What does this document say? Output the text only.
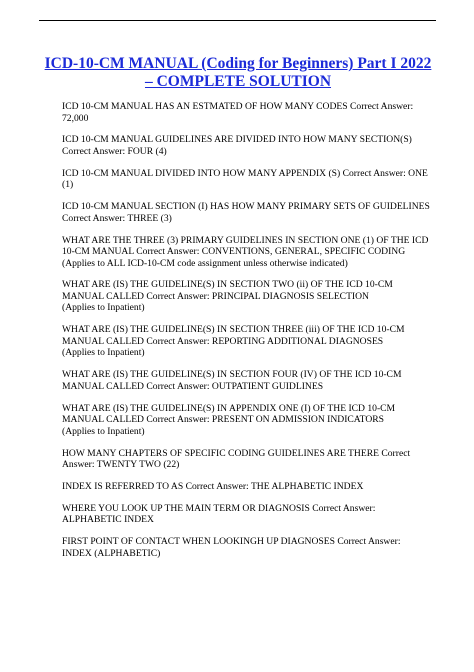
ICD-10-CM MANUAL (Coding for Beginners) Part I 2022 – COMPLETE SOLUTION
ICD 10-CM MANUAL HAS AN ESTMATED OF HOW MANY CODES Correct Answer:
72,000
ICD 10-CM MANUAL GUIDELINES ARE DIVIDED INTO HOW MANY SECTION(S)
Correct Answer: FOUR (4)
ICD 10-CM MANUAL DIVIDED INTO HOW MANY APPENDIX (S) Correct Answer: ONE
(1)
ICD 10-CM MANUAL SECTION (I) HAS HOW MANY PRIMARY SETS OF GUIDELINES
Correct Answer: THREE (3)
WHAT ARE THE THREE (3) PRIMARY GUIDELINES IN SECTION ONE (1) OF THE ICD
10-CM MANUAL Correct Answer: CONVENTIONS, GENERAL, SPECIFIC CODING
(Applies to ALL ICD-10-CM code assignment unless otherwise indicated)
WHAT ARE (IS) THE GUIDELINE(S) IN SECTION TWO (ii) OF THE ICD 10-CM
MANUAL CALLED Correct Answer: PRINCIPAL DIAGNOSIS SELECTION
(Applies to Inpatient)
WHAT ARE (IS) THE GUIDELINE(S) IN SECTION THREE (iii) OF THE ICD 10-CM
MANUAL CALLED Correct Answer: REPORTING ADDITIONAL DIAGNOSES
(Applies to Inpatient)
WHAT ARE (IS) THE GUIDELINE(S) IN SECTION FOUR (IV) OF THE ICD 10-CM
MANUAL CALLED Correct Answer: OUTPATIENT GUIDLINES
WHAT ARE (IS) THE GUIDELINE(S) IN APPENDIX ONE (I) OF THE ICD 10-CM
MANUAL CALLED Correct Answer: PRESENT ON ADMISSION INDICATORS
(Applies to Inpatient)
HOW MANY CHAPTERS OF SPECIFIC CODING GUIDELINES ARE THERE Correct
Answer: TWENTY TWO (22)
INDEX IS REFERRED TO AS Correct Answer: THE ALPHABETIC INDEX
WHERE YOU LOOK UP THE MAIN TERM OR DIAGNOSIS Correct Answer:
ALPHABETIC INDEX
FIRST POINT OF CONTACT WHEN LOOKINGH UP DIAGNOSES Correct Answer:
INDEX (ALPHABETIC)
